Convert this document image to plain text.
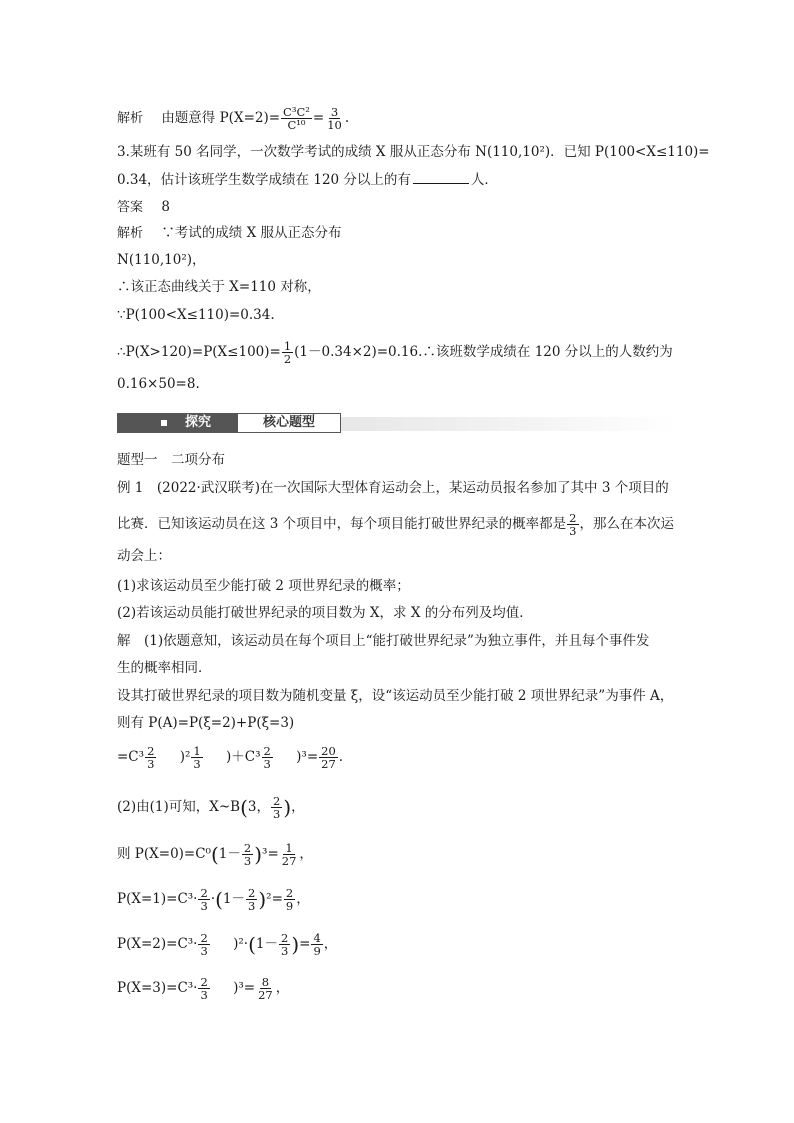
解析 由题意得 $P(X=2)= \frac{\text{C³C²}}{\text{C¹⁰}} = \frac{3}{10}$ .
3.某班有 50 名同学，一次数学考试的成绩 X 服从正态分布 N(110,10²)．已知 P(100<X≤110)=
0.34，估计该班学生数学成绩在 120 分以上的有	人．
答案 8
解析 ∵考试的成绩 X 服从正态分布
N(110,10²)，
∴该正态曲线关于 X=110 对称，
∵P(100<X≤110)=0.34.
∴P(X>120)=P(X≤100)= $\frac{1}{2}$ (1－0.34×2)=0.16.∴该班数学成绩在 120 分以上的人数约为
0.16×50=8.
探究	核心题型
题型一　二项分布
例 1　(2022·武汉联考)在一次国际大型体育运动会上，某运动员报名参加了其中 3 个项目的
比赛．已知该运动员在这 3 个项目中，每个项目能打破世界纪录的概率都是 $\frac{2}{3}$ ，那么在本次运
动会上：
(1)求该运动员至少能打破 2 项世界纪录的概率；
(2)若该运动员能打破世界纪录的项目数为 X，求 X 的分布列及均值．
解　(1)依题意知，该运动员在每个项目上“能打破世界纪录”为独立事件，并且每个事件发
生的概率相同．
设其打破世界纪录的项目数为随机变量 ξ，设“该运动员至少能打破 2 项世界纪录”为事件 A，
则有 P(A)=P(ξ=2)+P(ξ=3)
$=C^3 \frac{2}{3} )^2 \frac{1}{3} )+C^3 \frac{2}{3} )^3= \frac{20}{27}$ .
(2)由(1)可知，X~B(3， $\frac{2}{3}$ )，
则 $P(X=0)=C^0(1- \frac{2}{3} )^3= \frac{1}{27}$ ，
$P(X=1)=C^3\cdot \frac{2}{3} \cdot(1- \frac{2}{3} )^2= \frac{2}{9}$ ，
$P(X=2)=C^3\cdot \frac{2}{3} )^2\cdot(1- \frac{2}{3}$ )= $\frac{4}{9}$ ，
$P(X=3)=C^3\cdot \frac{2}{3} )^3= \frac{8}{27}$ ，
